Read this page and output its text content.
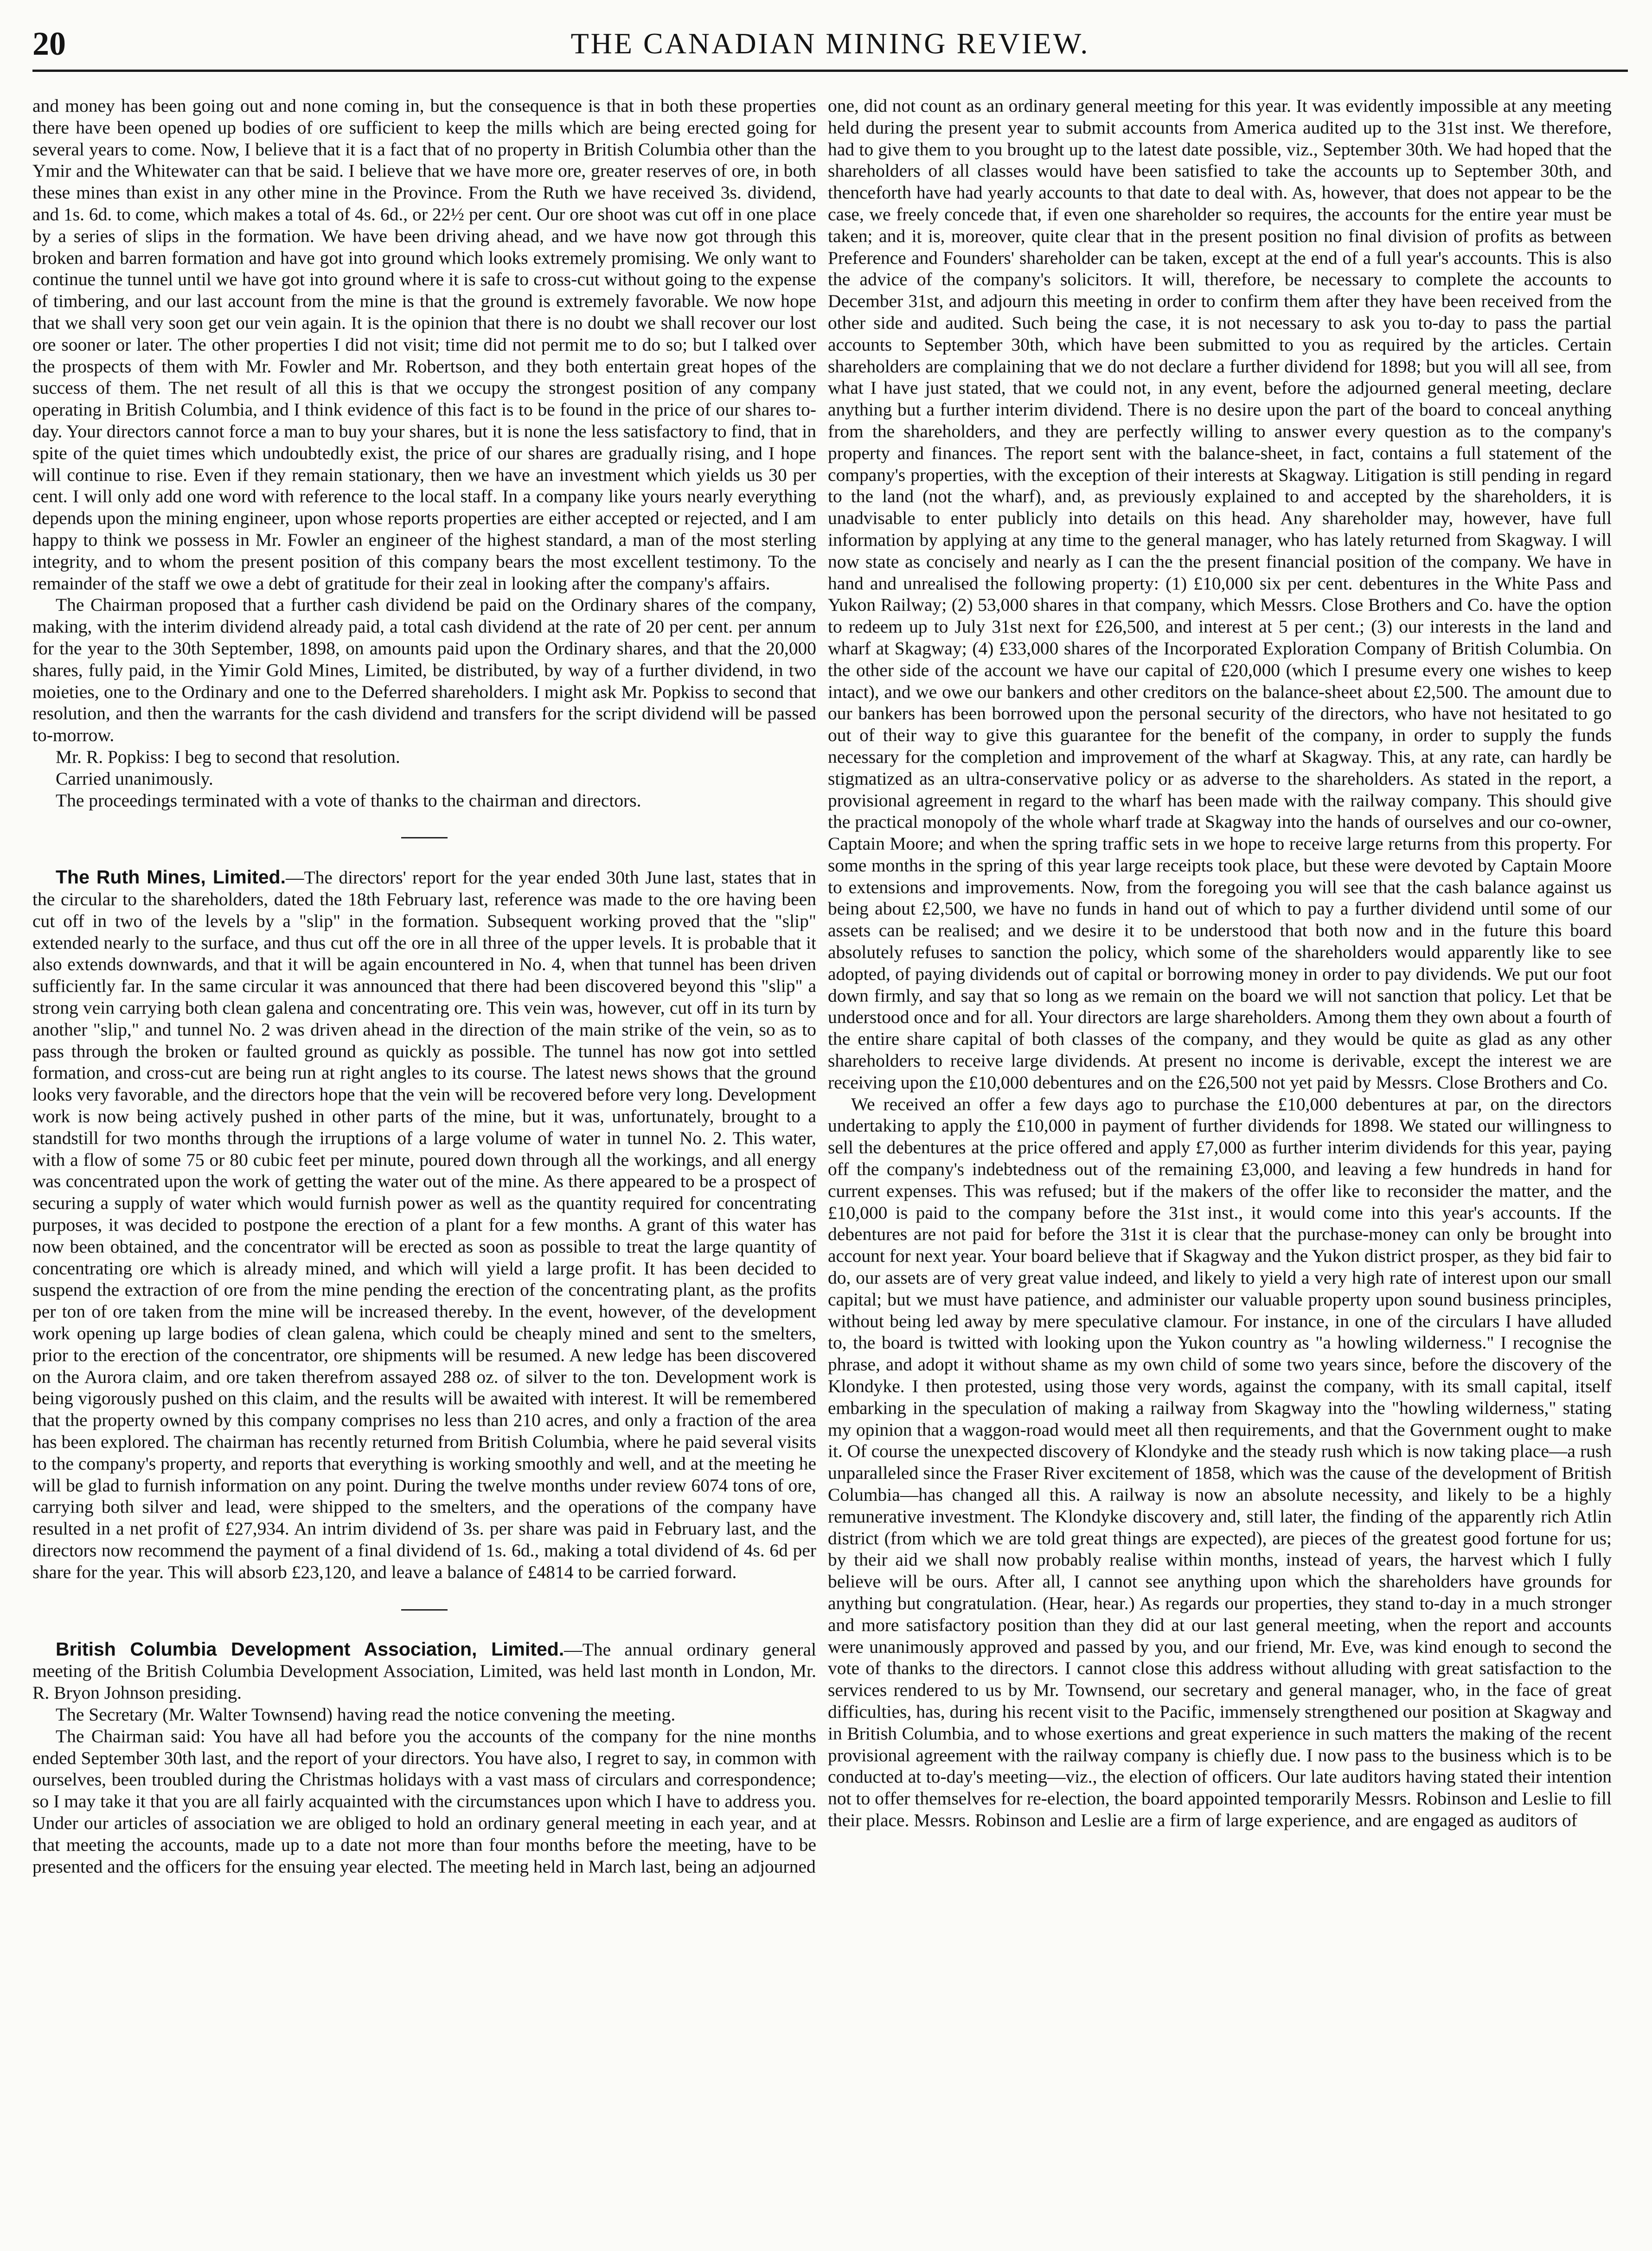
20	THE CANADIAN MINING REVIEW.

and money has been going out and none coming in, but the consequence is that in both these properties there have been opened up bodies of ore sufficient to keep the mills which are being erected going for several years to come. Now, I believe that it is a fact that of no property in British Columbia other than the Ymir and the Whitewater can that be said. I believe that we have more ore, greater reserves of ore, in both these mines than exist in any other mine in the Province. From the Ruth we have received 3s. dividend, and 1s. 6d. to come, which makes a total of 4s. 6d., or 22½ per cent. Our ore shoot was cut off in one place by a series of slips in the formation. We have been driving ahead, and we have now got through this broken and barren formation and have got into ground which looks extremely promising. We only want to continue the tunnel until we have got into ground where it is safe to cross-cut without going to the expense of timbering, and our last account from the mine is that the ground is extremely favorable. We now hope that we shall very soon get our vein again. It is the opinion that there is no doubt we shall recover our lost ore sooner or later. The other properties I did not visit; time did not permit me to do so; but I talked over the prospects of them with Mr. Fowler and Mr. Robertson, and they both entertain great hopes of the success of them. The net result of all this is that we occupy the strongest position of any company operating in British Columbia, and I think evidence of this fact is to be found in the price of our shares to-day. Your directors cannot force a man to buy your shares, but it is none the less satisfactory to find, that in spite of the quiet times which undoubtedly exist, the price of our shares are gradually rising, and I hope will continue to rise. Even if they remain stationary, then we have an investment which yields us 30 per cent. I will only add one word with reference to the local staff. In a company like yours nearly everything depends upon the mining engineer, upon whose reports properties are either accepted or rejected, and I am happy to think we possess in Mr. Fowler an engineer of the highest standard, a man of the most sterling integrity, and to whom the present position of this company bears the most excellent testimony. To the remainder of the staff we owe a debt of gratitude for their zeal in looking after the company's affairs.

The Chairman proposed that a further cash dividend be paid on the Ordinary shares of the company, making, with the interim dividend already paid, a total cash dividend at the rate of 20 per cent. per annum for the year to the 30th September, 1898, on amounts paid upon the Ordinary shares, and that the 20,000 shares, fully paid, in the Yimir Gold Mines, Limited, be distributed, by way of a further dividend, in two moieties, one to the Ordinary and one to the Deferred shareholders. I might ask Mr. Popkiss to second that resolution, and then the warrants for the cash dividend and transfers for the script dividend will be passed to-morrow.

Mr. R. Popkiss: I beg to second that resolution.

Carried unanimously.

The proceedings terminated with a vote of thanks to the chairman and directors.

The Ruth Mines, Limited.—The directors' report for the year ended 30th June last, states that in the circular to the shareholders, dated the 18th February last, reference was made to the ore having been cut off in two of the levels by a "slip" in the formation. Subsequent working proved that the "slip" extended nearly to the surface, and thus cut off the ore in all three of the upper levels. It is probable that it also extends downwards, and that it will be again encountered in No. 4, when that tunnel has been driven sufficiently far. In the same circular it was announced that there had been discovered beyond this "slip" a strong vein carrying both clean galena and concentrating ore. This vein was, however, cut off in its turn by another "slip," and tunnel No. 2 was driven ahead in the direction of the main strike of the vein, so as to pass through the broken or faulted ground as quickly as possible. The tunnel has now got into settled formation, and cross-cut are being run at right angles to its course. The latest news shows that the ground looks very favorable, and the directors hope that the vein will be recovered before very long. Development work is now being actively pushed in other parts of the mine, but it was, unfortunately, brought to a standstill for two months through the irruptions of a large volume of water in tunnel No. 2. This water, with a flow of some 75 or 80 cubic feet per minute, poured down through all the workings, and all energy was concentrated upon the work of getting the water out of the mine. As there appeared to be a prospect of securing a supply of water which would furnish power as well as the quantity required for concentrating purposes, it was decided to postpone the erection of a plant for a few months. A grant of this water has now been obtained, and the concentrator will be erected as soon as possible to treat the large quantity of concentrating ore which is already mined, and which will yield a large profit. It has been decided to suspend the extraction of ore from the mine pending the erection of the concentrating plant, as the profits per ton of ore taken from the mine will be increased thereby. In the event, however, of the development work opening up large bodies of clean galena, which could be cheaply mined and sent to the smelters, prior to the erection of the concentrator, ore shipments will be resumed. A new ledge has been discovered on the Aurora claim, and ore taken therefrom assayed 288 oz. of silver to the ton. Development work is being vigorously pushed on this claim, and the results will be awaited with interest. It will be remembered that the property owned by this company comprises no less than 210 acres, and only a fraction of the area has been explored. The chairman has recently returned from British Columbia, where he paid several visits to the company's property, and reports that everything is working smoothly and well, and at the meeting he will be glad to furnish information on any point. During the twelve months under review 6074 tons of ore, carrying both silver and lead, were shipped to the smelters, and the operations of the company have resulted in a net profit of £27,934. An intrim dividend of 3s. per share was paid in February last, and the directors now recommend the payment of a final dividend of 1s. 6d., making a total dividend of 4s. 6d per share for the year. This will absorb £23,120, and leave a balance of £4814 to be carried forward.

British Columbia Development Association, Limited.—The annual ordinary general meeting of the British Columbia Development Association, Limited, was held last month in London, Mr. R. Bryon Johnson presiding.

The Secretary (Mr. Walter Townsend) having read the notice convening the meeting.

The Chairman said: You have all had before you the accounts of the company for the nine months ended September 30th last, and the report of your directors. You have also, I regret to say, in common with ourselves, been troubled during the Christmas holidays with a vast mass of circulars and correspondence; so I may take it that you are all fairly acquainted with the circumstances upon which I have to address you. Under our articles of association we are obliged to hold an ordinary general meeting in each year, and at that meeting the accounts, made up to a date not more than four months before the meeting, have to be presented and the officers for the ensuing year elected. The meeting held in March last, being an adjourned

one, did not count as an ordinary general meeting for this year. It was evidently impossible at any meeting held during the present year to submit accounts from America audited up to the 31st inst. We therefore, had to give them to you brought up to the latest date possible, viz., September 30th. We had hoped that the shareholders of all classes would have been satisfied to take the accounts up to September 30th, and thenceforth have had yearly accounts to that date to deal with. As, however, that does not appear to be the case, we freely concede that, if even one shareholder so requires, the accounts for the entire year must be taken; and it is, moreover, quite clear that in the present position no final division of profits as between Preference and Founders' shareholder can be taken, except at the end of a full year's accounts. This is also the advice of the company's solicitors. It will, therefore, be necessary to complete the accounts to December 31st, and adjourn this meeting in order to confirm them after they have been received from the other side and audited. Such being the case, it is not necessary to ask you to-day to pass the partial accounts to September 30th, which have been submitted to you as required by the articles. Certain shareholders are complaining that we do not declare a further dividend for 1898; but you will all see, from what I have just stated, that we could not, in any event, before the adjourned general meeting, declare anything but a further interim dividend. There is no desire upon the part of the board to conceal anything from the shareholders, and they are perfectly willing to answer every question as to the company's property and finances. The report sent with the balance-sheet, in fact, contains a full statement of the company's properties, with the exception of their interests at Skagway. Litigation is still pending in regard to the land (not the wharf), and, as previously explained to and accepted by the shareholders, it is unadvisable to enter publicly into details on this head. Any shareholder may, however, have full information by applying at any time to the general manager, who has lately returned from Skagway. I will now state as concisely and nearly as I can the the present financial position of the company. We have in hand and unrealised the following property: (1) £10,000 six per cent. debentures in the White Pass and Yukon Railway; (2) 53,000 shares in that company, which Messrs. Close Brothers and Co. have the option to redeem up to July 31st next for £26,500, and interest at 5 per cent.; (3) our interests in the land and wharf at Skagway; (4) £33,000 shares of the Incorporated Exploration Company of British Columbia. On the other side of the account we have our capital of £20,000 (which I presume every one wishes to keep intact), and we owe our bankers and other creditors on the balance-sheet about £2,500. The amount due to our bankers has been borrowed upon the personal security of the directors, who have not hesitated to go out of their way to give this guarantee for the benefit of the company, in order to supply the funds necessary for the completion and improvement of the wharf at Skagway. This, at any rate, can hardly be stigmatized as an ultra-conservative policy or as adverse to the shareholders. As stated in the report, a provisional agreement in regard to the wharf has been made with the railway company. This should give the practical monopoly of the whole wharf trade at Skagway into the hands of ourselves and our co-owner, Captain Moore; and when the spring traffic sets in we hope to receive large returns from this property. For some months in the spring of this year large receipts took place, but these were devoted by Captain Moore to extensions and improvements. Now, from the foregoing you will see that the cash balance against us being about £2,500, we have no funds in hand out of which to pay a further dividend until some of our assets can be realised; and we desire it to be understood that both now and in the future this board absolutely refuses to sanction the policy, which some of the shareholders would apparently like to see adopted, of paying dividends out of capital or borrowing money in order to pay dividends. We put our foot down firmly, and say that so long as we remain on the board we will not sanction that policy. Let that be understood once and for all. Your directors are large shareholders. Among them they own about a fourth of the entire share capital of both classes of the company, and they would be quite as glad as any other shareholders to receive large dividends. At present no income is derivable, except the interest we are receiving upon the £10,000 debentures and on the £26,500 not yet paid by Messrs. Close Brothers and Co.

We received an offer a few days ago to purchase the £10,000 debentures at par, on the directors undertaking to apply the £10,000 in payment of further dividends for 1898. We stated our willingness to sell the debentures at the price offered and apply £7,000 as further interim dividends for this year, paying off the company's indebtedness out of the remaining £3,000, and leaving a few hundreds in hand for current expenses. This was refused; but if the makers of the offer like to reconsider the matter, and the £10,000 is paid to the company before the 31st inst., it would come into this year's accounts. If the debentures are not paid for before the 31st it is clear that the purchase-money can only be brought into account for next year. Your board believe that if Skagway and the Yukon district prosper, as they bid fair to do, our assets are of very great value indeed, and likely to yield a very high rate of interest upon our small capital; but we must have patience, and administer our valuable property upon sound business principles, without being led away by mere speculative clamour. For instance, in one of the circulars I have alluded to, the board is twitted with looking upon the Yukon country as "a howling wilderness." I recognise the phrase, and adopt it without shame as my own child of some two years since, before the discovery of the Klondyke. I then protested, using those very words, against the company, with its small capital, itself embarking in the speculation of making a railway from Skagway into the "howling wilderness," stating my opinion that a waggon-road would meet all then requirements, and that the Government ought to make it. Of course the unexpected discovery of Klondyke and the steady rush which is now taking place—a rush unparalleled since the Fraser River excitement of 1858, which was the cause of the development of British Columbia—has changed all this. A railway is now an absolute necessity, and likely to be a highly remunerative investment. The Klondyke discovery and, still later, the finding of the apparently rich Atlin district (from which we are told great things are expected), are pieces of the greatest good fortune for us; by their aid we shall now probably realise within months, instead of years, the harvest which I fully believe will be ours. After all, I cannot see anything upon which the shareholders have grounds for anything but congratulation. (Hear, hear.) As regards our properties, they stand to-day in a much stronger and more satisfactory position than they did at our last general meeting, when the report and accounts were unanimously approved and passed by you, and our friend, Mr. Eve, was kind enough to second the vote of thanks to the directors. I cannot close this address without alluding with great satisfaction to the services rendered to us by Mr. Townsend, our secretary and general manager, who, in the face of great difficulties, has, during his recent visit to the Pacific, immensely strengthened our position at Skagway and in British Columbia, and to whose exertions and great experience in such matters the making of the recent provisional agreement with the railway company is chiefly due. I now pass to the business which is to be conducted at to-day's meeting—viz., the election of officers. Our late auditors having stated their intention not to offer themselves for re-election, the board appointed temporarily Messrs. Robinson and Leslie to fill their place. Messrs. Robinson and Leslie are a firm of large experience, and are engaged as auditors of
